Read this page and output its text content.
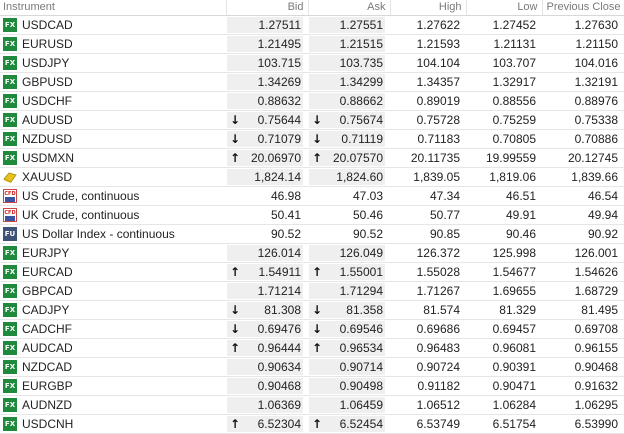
Instrument	Bid	Ask	High	Low	Previous Close

FX USDCAD	1.27511	1.27551	1.27622	1.27452	1.27630

FX EURUSD	1.21495	1.21515	1.21593	1.21131	1.21150

FX USDJPY	103.715	103.735	104.104	103.707	104.016

FX GBPUSD	1.34269	1.34299	1.34357	1.32917	1.32191

FX USDCHF	0.88632	0.88662	0.89019	0.88556	0.88976

FX AUDUSD	↓ 0.75644	↓ 0.75674	0.75728	0.75259	0.75338

FX NZDUSD	↓ 0.71079	↓ 0.71119	0.71183	0.70805	0.70886

FX USDMXN	↑ 20.06970	↑ 20.07570	20.11735	19.99559	20.12745

XAUUSD	1,824.14	1,824.60	1,839.05	1,819.06	1,839.66

CFD US Crude, continuous	46.98	47.03	47.34	46.51	46.54

CFD UK Crude, continuous	50.41	50.46	50.77	49.91	49.94

FU US Dollar Index - continuous	90.52	90.52	90.85	90.46	90.92

FX EURJPY	126.014	126.049	126.372	125.998	126.001

FX EURCAD	↑ 1.54911	↑ 1.55001	1.55028	1.54677	1.54626

FX GBPCAD	1.71214	1.71294	1.71267	1.69655	1.68729

FX CADJPY	↓ 81.308	↓ 81.358	81.574	81.329	81.495

FX CADCHF	↓ 0.69476	↓ 0.69546	0.69686	0.69457	0.69708

FX AUDCAD	↑ 0.96444	↑ 0.96534	0.96483	0.96081	0.96155

FX NZDCAD	0.90634	0.90714	0.90724	0.90391	0.90468

FX EURGBP	0.90468	0.90498	0.91182	0.90471	0.91632

FX AUDNZD	1.06369	1.06459	1.06512	1.06284	1.06295

FX USDCNH	↑ 6.52304	↑ 6.52454	6.53749	6.51754	6.53990
